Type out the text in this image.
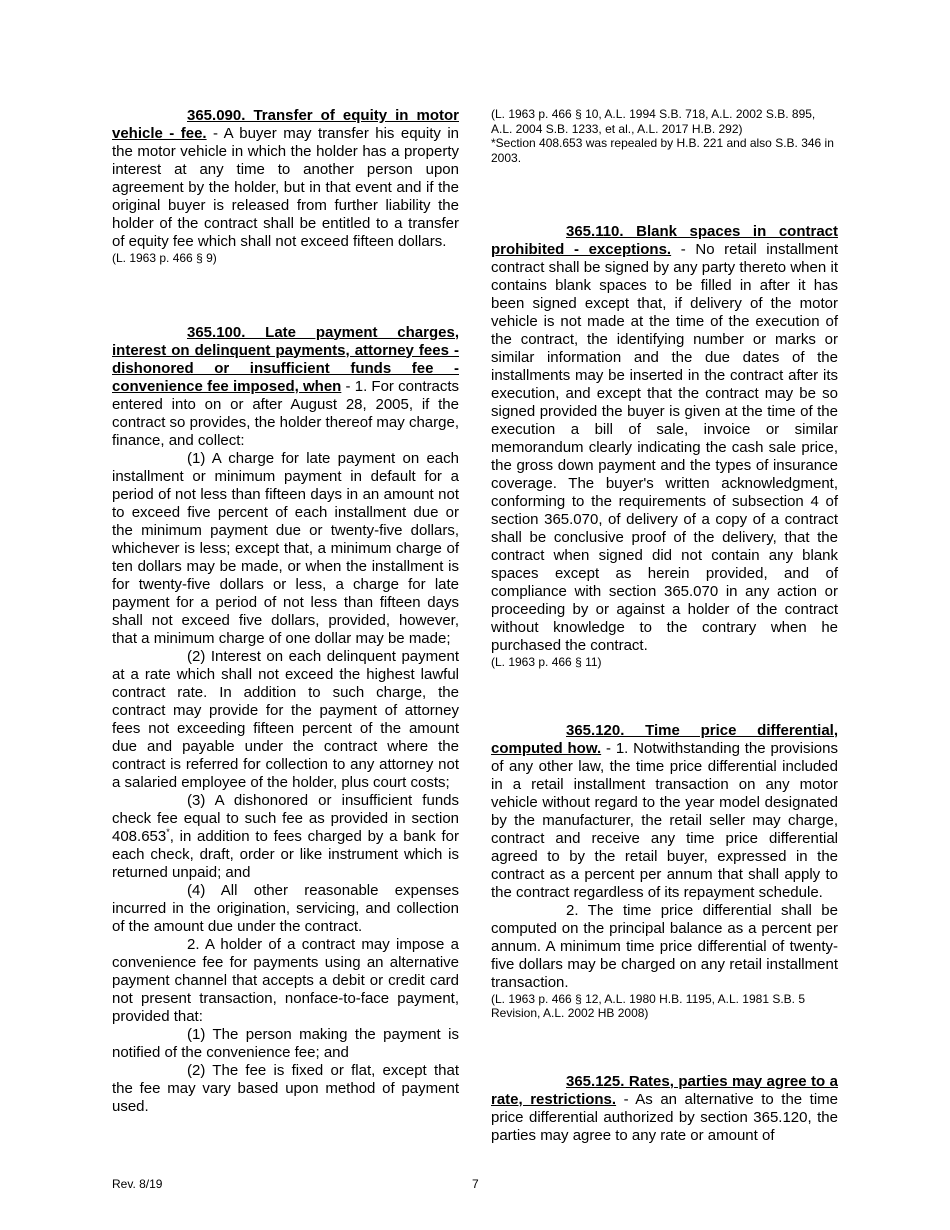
365.090. Transfer of equity in motor vehicle - fee. - A buyer may transfer his equity in the motor vehicle in which the holder has a property interest at any time to another person upon agreement by the holder, but in that event and if the original buyer is released from further liability the holder of the contract shall be entitled to a transfer of equity fee which shall not exceed fifteen dollars.

(L. 1963 p. 466 § 9)

365.100. Late payment charges, interest on delinquent payments, attorney fees - dishonored or insufficient funds fee - convenience fee imposed, when - 1. For contracts entered into on or after August 28, 2005, if the contract so provides, the holder thereof may charge, finance, and collect:

(1) A charge for late payment on each installment or minimum payment in default for a period of not less than fifteen days in an amount not to exceed five percent of each installment due or the minimum payment due or twenty-five dollars, whichever is less; except that, a minimum charge of ten dollars may be made, or when the installment is for twenty-five dollars or less, a charge for late payment for a period of not less than fifteen days shall not exceed five dollars, provided, however, that a minimum charge of one dollar may be made;

(2) Interest on each delinquent payment at a rate which shall not exceed the highest lawful contract rate. In addition to such charge, the contract may provide for the payment of attorney fees not exceeding fifteen percent of the amount due and payable under the contract where the contract is referred for collection to any attorney not a salaried employee of the holder, plus court costs;

(3) A dishonored or insufficient funds check fee equal to such fee as provided in section 408.653*, in addition to fees charged by a bank for each check, draft, order or like instrument which is returned unpaid; and

(4) All other reasonable expenses incurred in the origination, servicing, and collection of the amount due under the contract.

2. A holder of a contract may impose a convenience fee for payments using an alternative payment channel that accepts a debit or credit card not present transaction, nonface-to-face payment, provided that:

(1) The person making the payment is notified of the convenience fee; and

(2) The fee is fixed or flat, except that the fee may vary based upon method of payment used.

(L. 1963 p. 466 § 10, A.L. 1994 S.B. 718, A.L. 2002 S.B. 895, A.L. 2004 S.B. 1233, et al., A.L. 2017 H.B. 292)

*Section 408.653 was repealed by H.B. 221 and also S.B. 346 in 2003.

365.110. Blank spaces in contract prohibited - exceptions. - No retail installment contract shall be signed by any party thereto when it contains blank spaces to be filled in after it has been signed except that, if delivery of the motor vehicle is not made at the time of the execution of the contract, the identifying number or marks or similar information and the due dates of the installments may be inserted in the contract after its execution, and except that the contract may be so signed provided the buyer is given at the time of the execution a bill of sale, invoice or similar memorandum clearly indicating the cash sale price, the gross down payment and the types of insurance coverage. The buyer's written acknowledgment, conforming to the requirements of subsection 4 of section 365.070, of delivery of a copy of a contract shall be conclusive proof of the delivery, that the contract when signed did not contain any blank spaces except as herein provided, and of compliance with section 365.070 in any action or proceeding by or against a holder of the contract without knowledge to the contrary when he purchased the contract.

(L. 1963 p. 466 § 11)

365.120. Time price differential, computed how. - 1. Notwithstanding the provisions of any other law, the time price differential included in a retail installment transaction on any motor vehicle without regard to the year model designated by the manufacturer, the retail seller may charge, contract and receive any time price differential agreed to by the retail buyer, expressed in the contract as a percent per annum that shall apply to the contract regardless of its repayment schedule.

2. The time price differential shall be computed on the principal balance as a percent per annum. A minimum time price differential of twenty-five dollars may be charged on any retail installment transaction.

(L. 1963 p. 466 § 12, A.L. 1980 H.B. 1195, A.L. 1981 S.B. 5 Revision, A.L. 2002 HB 2008)

365.125. Rates, parties may agree to a rate, restrictions. - As an alternative to the time price differential authorized by section 365.120, the parties may agree to any rate or amount of

Rev. 8/19	7
